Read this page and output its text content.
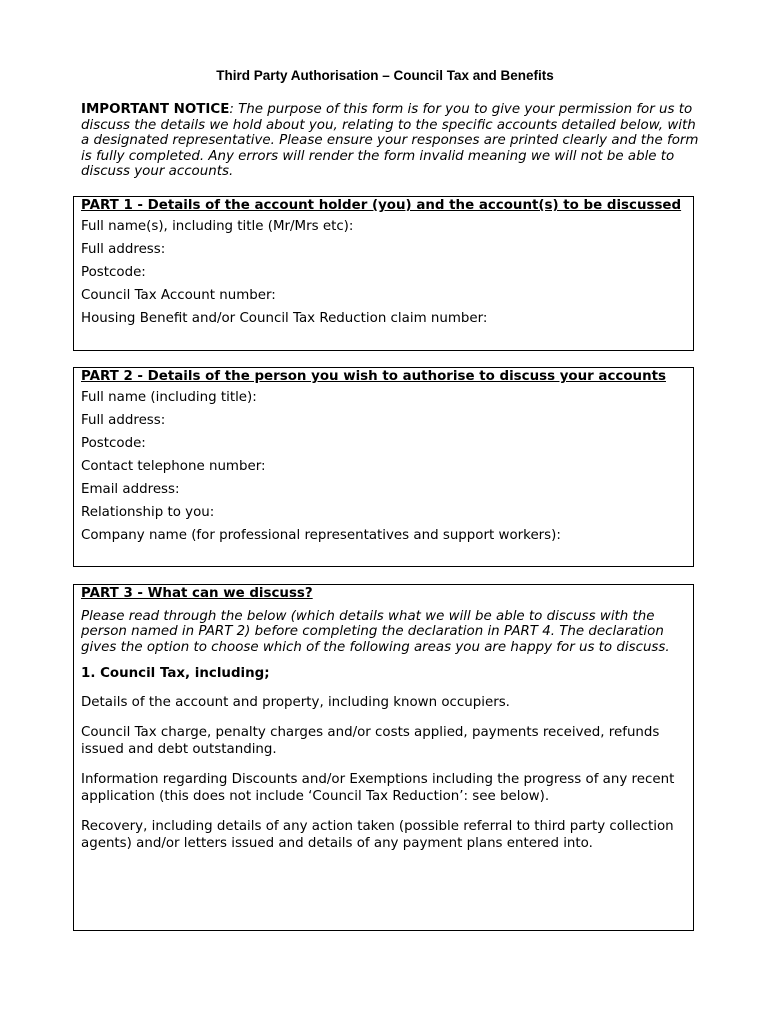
Third Party Authorisation – Council Tax and Benefits
IMPORTANT NOTICE: The purpose of this form is for you to give your permission for us to discuss the details we hold about you, relating to the specific accounts detailed below, with a designated representative. Please ensure your responses are printed clearly and the form is fully completed. Any errors will render the form invalid meaning we will not be able to discuss your accounts.
PART 1 - Details of the account holder (you) and the account(s) to be discussed
Full name(s), including title (Mr/Mrs etc):
Full address:
Postcode:
Council Tax Account number:
Housing Benefit and/or Council Tax Reduction claim number:
PART 2 - Details of the person you wish to authorise to discuss your accounts
Full name (including title):
Full address:
Postcode:
Contact telephone number:
Email address:
Relationship to you:
Company name (for professional representatives and support workers):
PART 3 - What can we discuss?
Please read through the below (which details what we will be able to discuss with the person named in PART 2) before completing the declaration in PART 4. The declaration gives the option to choose which of the following areas you are happy for us to discuss.
1. Council Tax, including;
Details of the account and property, including known occupiers.
Council Tax charge, penalty charges and/or costs applied, payments received, refunds issued and debt outstanding.
Information regarding Discounts and/or Exemptions including the progress of any recent application (this does not include ‘Council Tax Reduction’: see below).
Recovery, including details of any action taken (possible referral to third party collection agents) and/or letters issued and details of any payment plans entered into.
